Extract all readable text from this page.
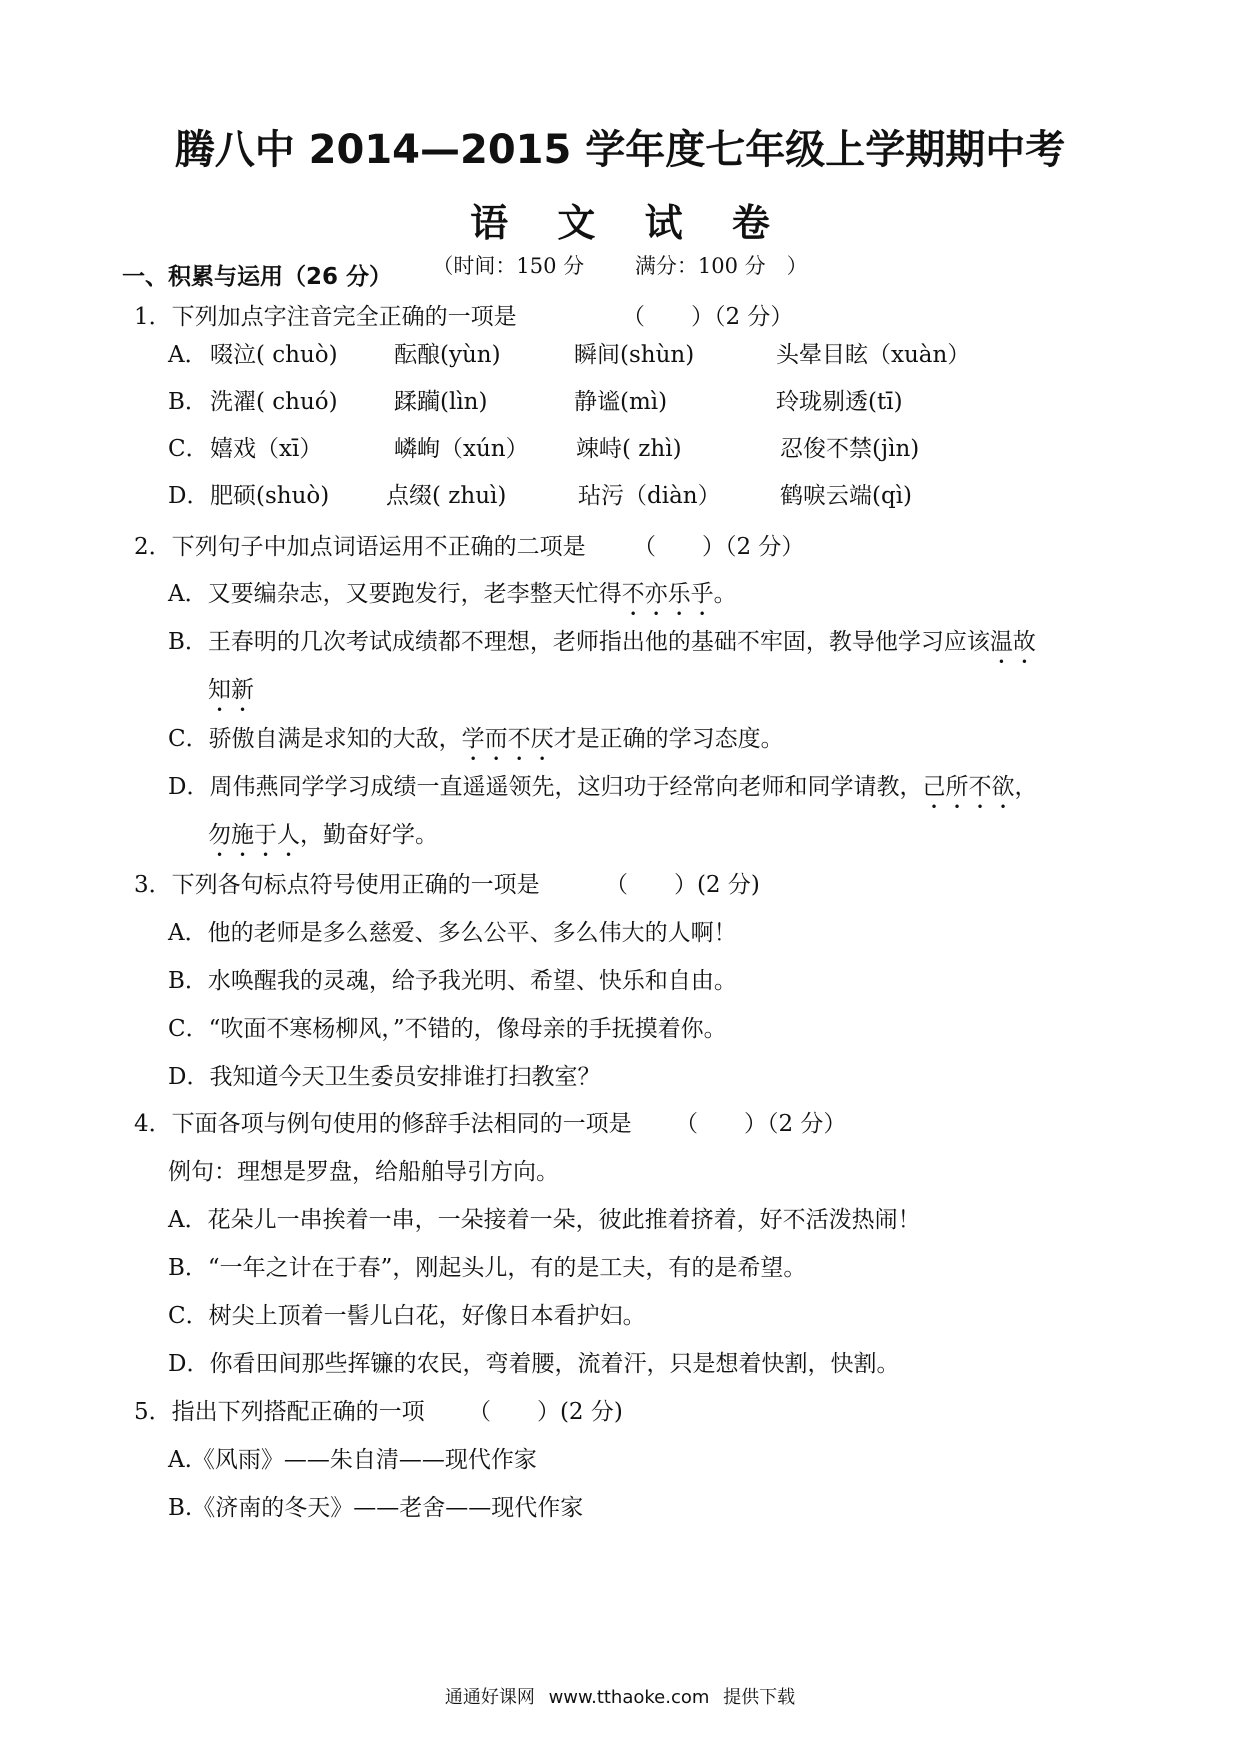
腾八中 2014—2015 学年度七年级上学期期中考
语 文 试 卷
（时间：150 分 满分：100 分　）
一、积累与运用（26 分）
1．下列加点字注音完全正确的一项是	（　　）（2 分）
A． 啜泣( chuò) 酝酿(yùn)	瞬间(shùn)	头晕目眩（xuàn）
B． 洗濯( chuó) 蹂躏(lìn)	静谧(mì)	玲珑剔透(tī)
C． 嬉戏（xī）	嶙峋（xún） 竦峙( zhì)	忍俊不禁(jìn)
D． 肥硕(shuò) 点缀( zhuì)	玷污（diàn）	鹤唳云端(qì)
2．下列句子中加点词语运用不正确的二项是 （　　）（2 分）
A．又要编杂志，又要跑发行，老李整天忙得不亦乐乎。
B．王春明的几次考试成绩都不理想，老师指出他的基础不牢固，教导他学习应该温故
知新
C．骄傲自满是求知的大敌，学而不厌才是正确的学习态度。
D．周伟燕同学学习成绩一直遥遥领先，这归功于经常向老师和同学请教，己所不欲，
勿施于人，勤奋好学。
3．下列各句标点符号使用正确的一项是	（　　）(2 分)
A．他的老师是多么慈爱、多么公平、多么伟大的人啊！
B．水唤醒我的灵魂，给予我光明、希望、快乐和自由。
C．“吹面不寒杨柳风，”不错的，像母亲的手抚摸着你。
D．我知道今天卫生委员安排谁打扫教室？
4．下面各项与例句使用的修辞手法相同的一项是 （　　）（2 分）
例句：理想是罗盘，给船舶导引方向。
A．花朵儿一串挨着一串，一朵接着一朵，彼此推着挤着，好不活泼热闹！
B．“一年之计在于春”，刚起头儿，有的是工夫，有的是希望。
C．树尖上顶着一髻儿白花，好像日本看护妇。
D．你看田间那些挥镰的农民，弯着腰，流着汗，只是想着快割，快割。
5．指出下列搭配正确的一项 （　　）(2 分)
A.《风雨》——朱自清——现代作家
B.《济南的冬天》——老舍——现代作家
通通好课网 www.tthaoke.com 提供下载
